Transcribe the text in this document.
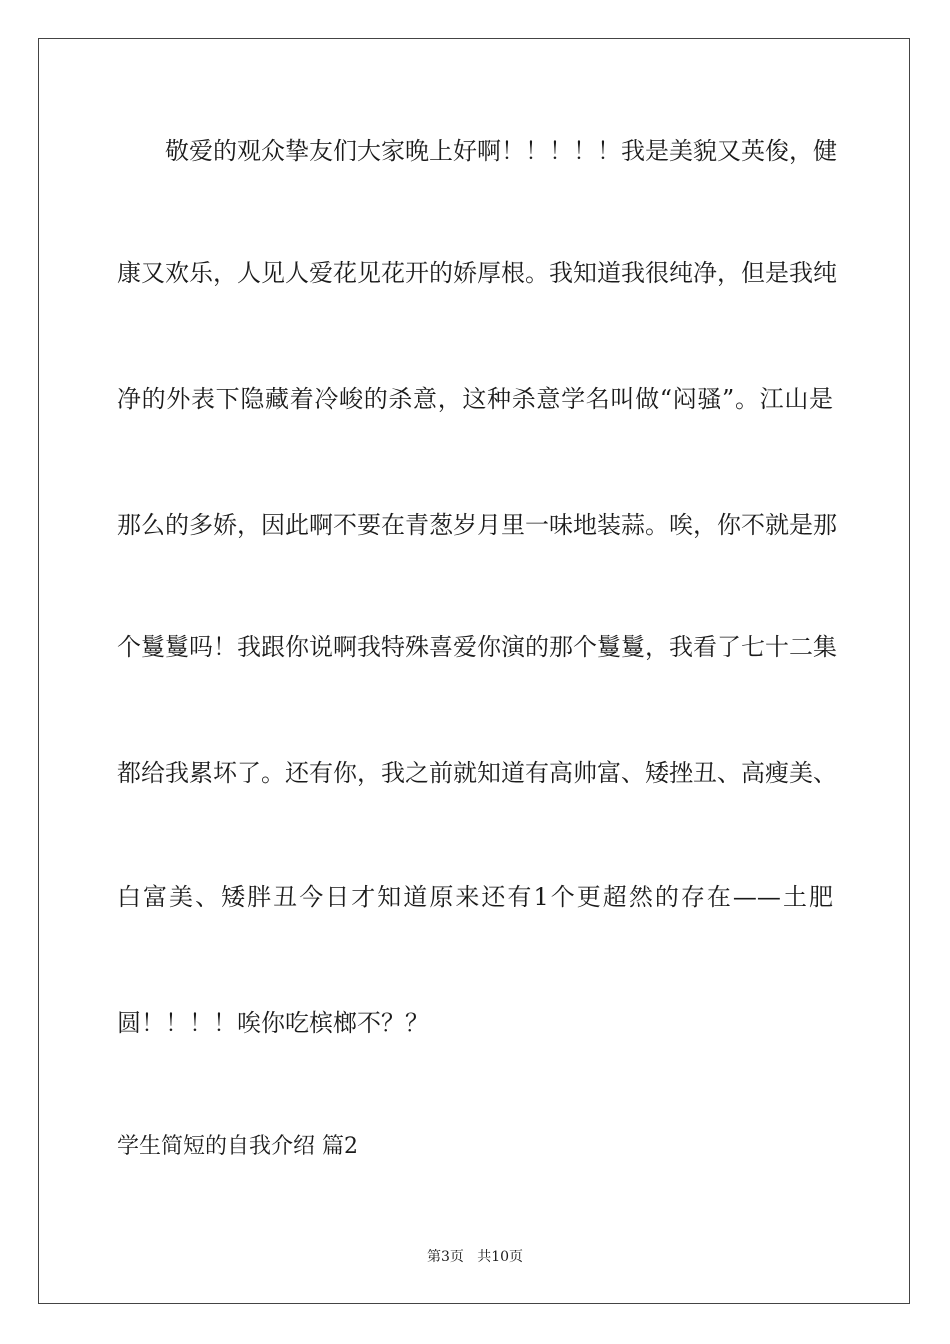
敬爱的观众挚友们大家晚上好啊！！！！！我是美貌又英俊，健
康又欢乐，人见人爱花见花开的娇厚根。我知道我很纯净，但是我纯
净的外表下隐藏着冷峻的杀意，这种杀意学名叫做“闷骚”。江山是
那么的多娇，因此啊不要在青葱岁月里一味地装蒜。唉，你不就是那
个鬘鬘吗！我跟你说啊我特殊喜爱你演的那个鬘鬘，我看了七十二集
都给我累坏了。还有你，我之前就知道有高帅富、矮挫丑、高瘦美、
白富美、矮胖丑今日才知道原来还有1个更超然的存在——土肥
圆！！！！唉你吃槟榔不？？
学生简短的自我介绍 篇2
第3页   共10页
